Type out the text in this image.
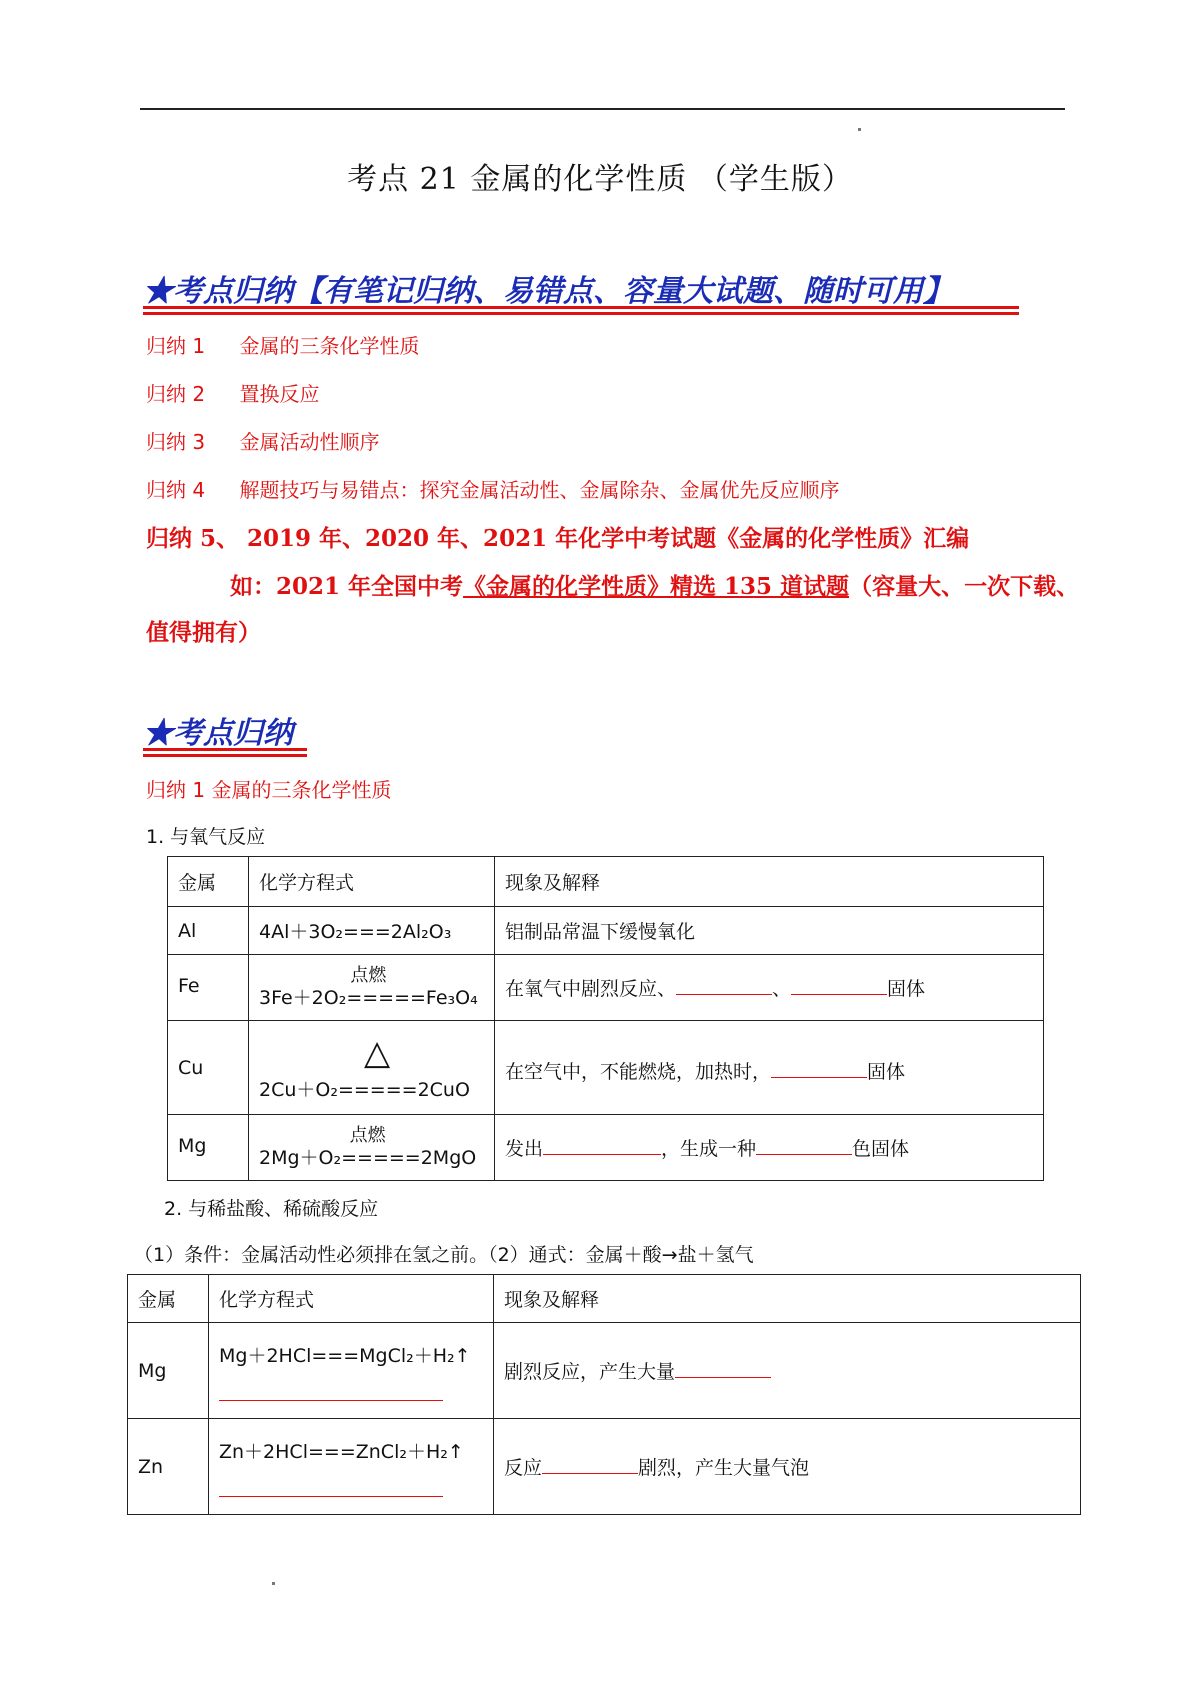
考点 21 金属的化学性质 （学生版）
★考点归纳【有笔记归纳、易错点、容量大试题、随时可用】
归纳 1 金属的三条化学性质
归纳 2 置换反应
归纳 3 金属活动性顺序
归纳 4 解题技巧与易错点：探究金属活动性、金属除杂、金属优先反应顺序
归纳 5、 2019 年、2020 年、2021 年化学中考试题《金属的化学性质》汇编
如：2021 年全国中考《金属的化学性质》精选 135 道试题（容量大、一次下载、
值得拥有）
★考点归纳
归纳 1 金属的三条化学性质
1. 与氧气反应
金属	化学方程式	现象及解释
Al	4Al＋3O₂===2Al₂O₃	铝制品常温下缓慢氧化
Fe	点燃
3Fe＋2O₂=====Fe₃O₄	在氧气中剧烈反应、 、 固体
Cu	△
2Cu＋O₂=====2CuO	在空气中，不能燃烧，加热时， 固体
Mg	点燃
2Mg＋O₂=====2MgO	发出 ，生成一种 色固体
2. 与稀盐酸、稀硫酸反应
（1）条件：金属活动性必须排在氢之前。（2）通式：金属＋酸→盐＋氢气
金属	化学方程式	现象及解释
Mg	Mg＋2HCl===MgCl₂＋H₂↑	剧烈反应，产生大量
Zn	Zn＋2HCl===ZnCl₂＋H₂↑	反应 剧烈，产生大量气泡
